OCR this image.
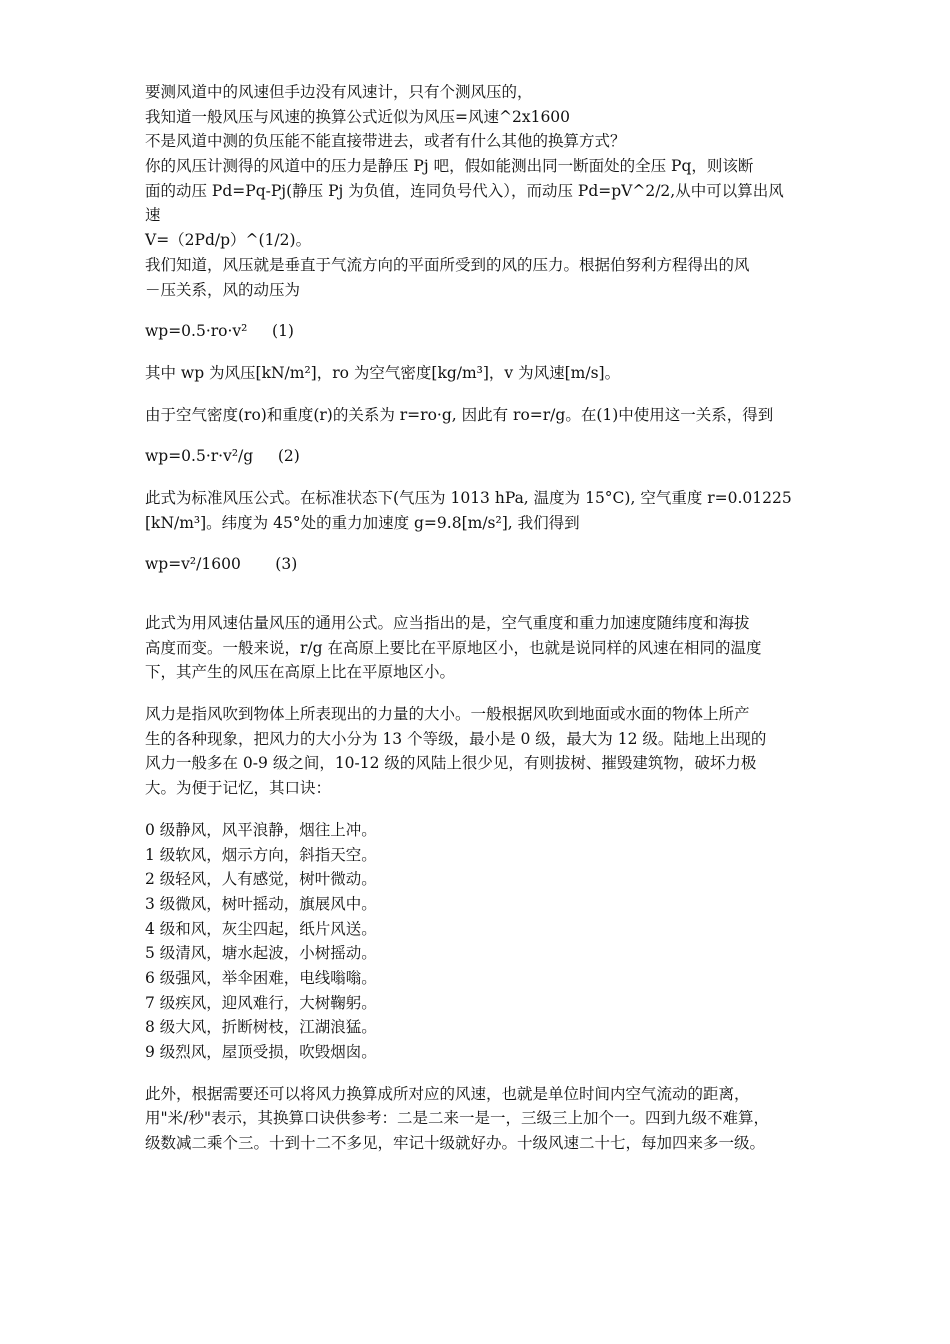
要测风道中的风速但手边没有风速计，只有个测风压的，
我知道一般风压与风速的换算公式近似为风压=风速^2x1600
不是风道中测的负压能不能直接带进去，或者有什么其他的换算方式？
你的风压计测得的风道中的压力是静压 Pj 吧，假如能测出同一断面处的全压 Pq，则该断
面的动压 Pd=Pq-Pj(静压 Pj 为负值，连同负号代入），而动压 Pd=pV^2/2,从中可以算出风
速
V=（2Pd/p）^(1/2)。
我们知道，风压就是垂直于气流方向的平面所受到的风的压力。根据伯努利方程得出的风
－压关系，风的动压为
wp=0.5·ro·v²     (1)
其中 wp 为风压[kN/m²]，ro 为空气密度[kg/m³]，v 为风速[m/s]。
由于空气密度(ro)和重度(r)的关系为 r=ro·g, 因此有 ro=r/g。在(1)中使用这一关系，得到
wp=0.5·r·v²/g     (2)
此式为标准风压公式。在标准状态下(气压为 1013 hPa, 温度为 15°C), 空气重度 r=0.01225
[kN/m³]。纬度为 45°处的重力加速度 g=9.8[m/s²], 我们得到
wp=v²/1600       (3)
此式为用风速估量风压的通用公式。应当指出的是，空气重度和重力加速度随纬度和海拔
高度而变。一般来说，r/g 在高原上要比在平原地区小，也就是说同样的风速在相同的温度
下，其产生的风压在高原上比在平原地区小。
风力是指风吹到物体上所表现出的力量的大小。一般根据风吹到地面或水面的物体上所产
生的各种现象，把风力的大小分为 13 个等级，最小是 0 级，最大为 12 级。陆地上出现的
风力一般多在 0-9 级之间，10-12 级的风陆上很少见，有则拔树、摧毁建筑物，破坏力极
大。为便于记忆，其口诀：
0 级静风，风平浪静，烟往上冲。
1 级软风，烟示方向，斜指天空。
2 级轻风，人有感觉，树叶微动。
3 级微风，树叶摇动，旗展风中。
4 级和风，灰尘四起，纸片风送。
5 级清风，塘水起波，小树摇动。
6 级强风，举伞困难，电线嗡嗡。
7 级疾风，迎风难行，大树鞠躬。
8 级大风，折断树枝，江湖浪猛。
9 级烈风，屋顶受损，吹毁烟囱。
此外，根据需要还可以将风力换算成所对应的风速，也就是单位时间内空气流动的距离，
用"米/秒"表示，其换算口诀供参考：二是二来一是一，三级三上加个一。四到九级不难算，
级数减二乘个三。十到十二不多见，牢记十级就好办。十级风速二十七，每加四来多一级。
